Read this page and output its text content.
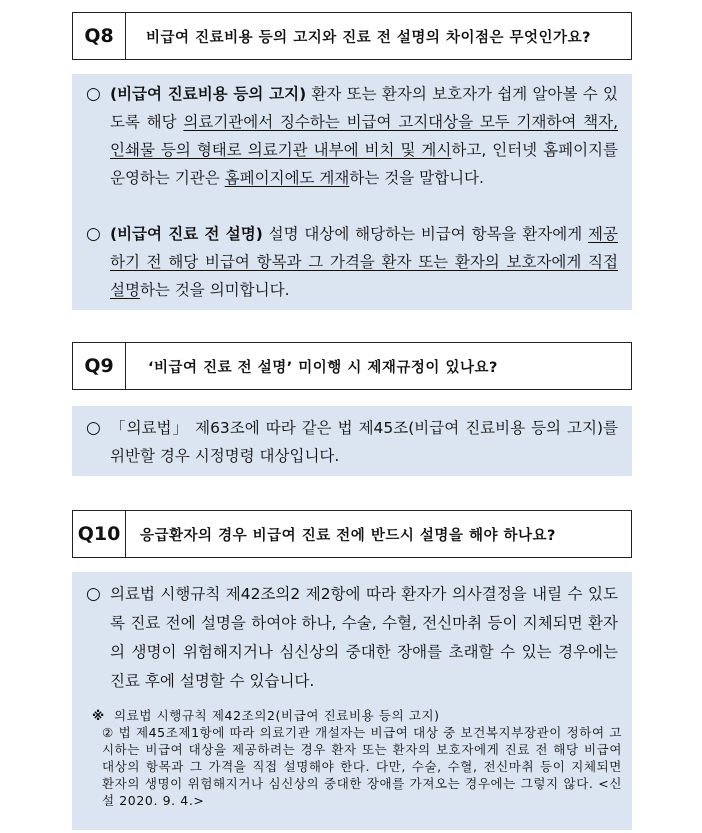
Q8	비급여 진료비용 등의 고지와 진료 전 설명의 차이점은 무엇인가요?
○ (비급여 진료비용 등의 고지) 환자 또는 환자의 보호자가 쉽게 알아볼 수 있도록 해당 의료기관에서 징수하는 비급여 고지대상을 모두 기재하여 책자, 인쇄물 등의 형태로 의료기관 내부에 비치 및 게시하고, 인터넷 홈페이지를 운영하는 기관은 홈페이지에도 게재하는 것을 말합니다.
○ (비급여 진료 전 설명) 설명 대상에 해당하는 비급여 항목을 환자에게 제공하기 전 해당 비급여 항목과 그 가격을 환자 또는 환자의 보호자에게 직접 설명하는 것을 의미합니다.
Q9	‘비급여 진료 전 설명’ 미이행 시 제재규정이 있나요?
○ 「의료법」 제63조에 따라 같은 법 제45조(비급여 진료비용 등의 고지)를 위반할 경우 시정명령 대상입니다.
Q10	응급환자의 경우 비급여 진료 전에 반드시 설명을 해야 하나요?
○ 의료법 시행규칙 제42조의2 제2항에 따라 환자가 의사결정을 내릴 수 있도록 진료 전에 설명을 하여야 하나, 수술, 수혈, 전신마취 등이 지체되면 환자의 생명이 위험해지거나 심신상의 중대한 장애를 초래할 수 있는 경우에는 진료 후에 설명할 수 있습니다.
※ 의료법 시행규칙 제42조의2(비급여 진료비용 등의 고지)
② 법 제45조제1항에 따라 의료기관 개설자는 비급여 대상 중 보건복지부장관이 정하여 고시하는 비급여 대상을 제공하려는 경우 환자 또는 환자의 보호자에게 진료 전 해당 비급여 대상의 항목과 그 가격을 직접 설명해야 한다. 다만, 수술, 수혈, 전신마취 등이 지체되면 환자의 생명이 위험해지거나 심신상의 중대한 장애를 가져오는 경우에는 그렇지 않다. <신설 2020. 9. 4.>
